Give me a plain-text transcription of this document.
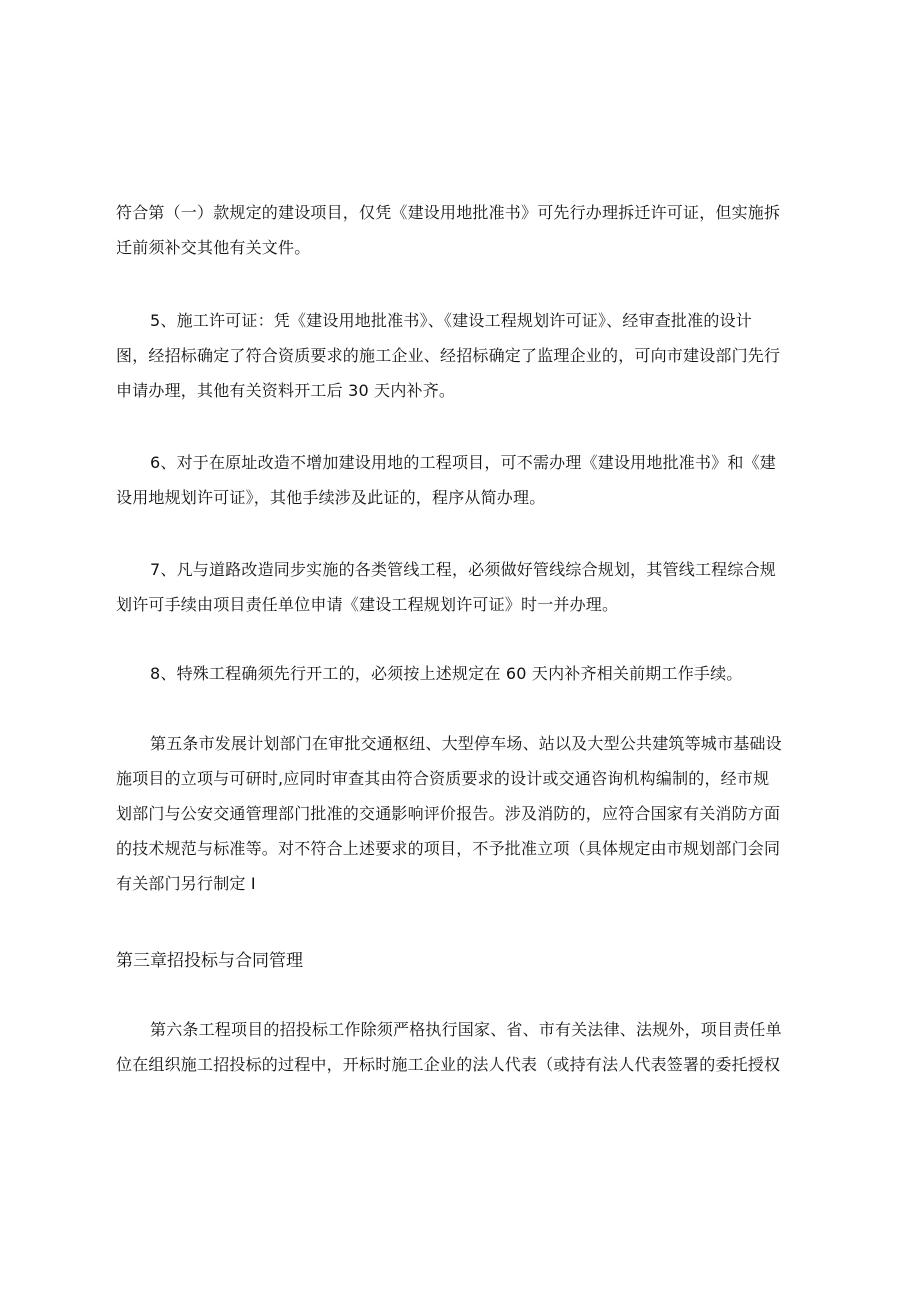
符合第（一）款规定的建设项目，仅凭《建设用地批准书》可先行办理拆迁许可证，但实施拆
迁前须补交其他有关文件。
5、施工许可证：凭《建设用地批准书》、《建设工程规划许可证》、经审查批准的设计
图，经招标确定了符合资质要求的施工企业、经招标确定了监理企业的，可向市建设部门先行
申请办理，其他有关资料开工后 30 天内补齐。
6、对于在原址改造不增加建设用地的工程项目，可不需办理《建设用地批准书》和《建
设用地规划许可证》，其他手续涉及此证的，程序从简办理。
7、凡与道路改造同步实施的各类管线工程，必须做好管线综合规划，其管线工程综合规
划许可手续由项目责任单位申请《建设工程规划许可证》时一并办理。
8、特殊工程确须先行开工的，必须按上述规定在 60 天内补齐相关前期工作手续。
第五条市发展计划部门在审批交通枢纽、大型停车场、站以及大型公共建筑等城市基础设
施项目的立项与可研时,应同时审查其由符合资质要求的设计或交通咨询机构编制的，经市规
划部门与公安交通管理部门批准的交通影响评价报告。涉及消防的，应符合国家有关消防方面
的技术规范与标准等。对不符合上述要求的项目，不予批准立项（具体规定由市规划部门会同
有关部门另行制定 I
第三章招投标与合同管理
第六条工程项目的招投标工作除须严格执行国家、省、市有关法律、法规外，项目责任单
位在组织施工招投标的过程中，开标时施工企业的法人代表（或持有法人代表签署的委托授权
